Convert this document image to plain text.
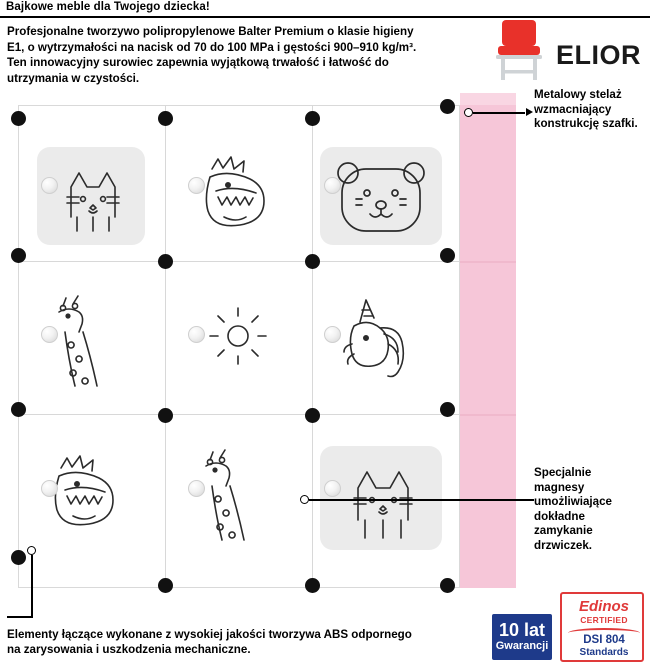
Bajkowe meble dla Twojego dziecka!
Profesjonalne tworzywo polipropylenowe Balter Premium o klasie higieny E1, o wytrzymałości na nacisk od 70 do 100 MPa i gęstości 900–910 kg/m³. Ten innowacyjny surowiec zapewnia wyjątkową trwałość i łatwość do utrzymania w czystości.
ELIOR
Metalowy stelaż wzmacniający konstrukcję szafki.
Specjalnie magnesy umożliwiające dokładne zamykanie drzwiczek.
Elementy łączące wykonane z wysokiej jakości tworzywa ABS odpornego na zarysowania i uszkodzenia mechaniczne.
10 lat
Gwarancji
Edinos
CERTIFIED
DSI 804
Standards
